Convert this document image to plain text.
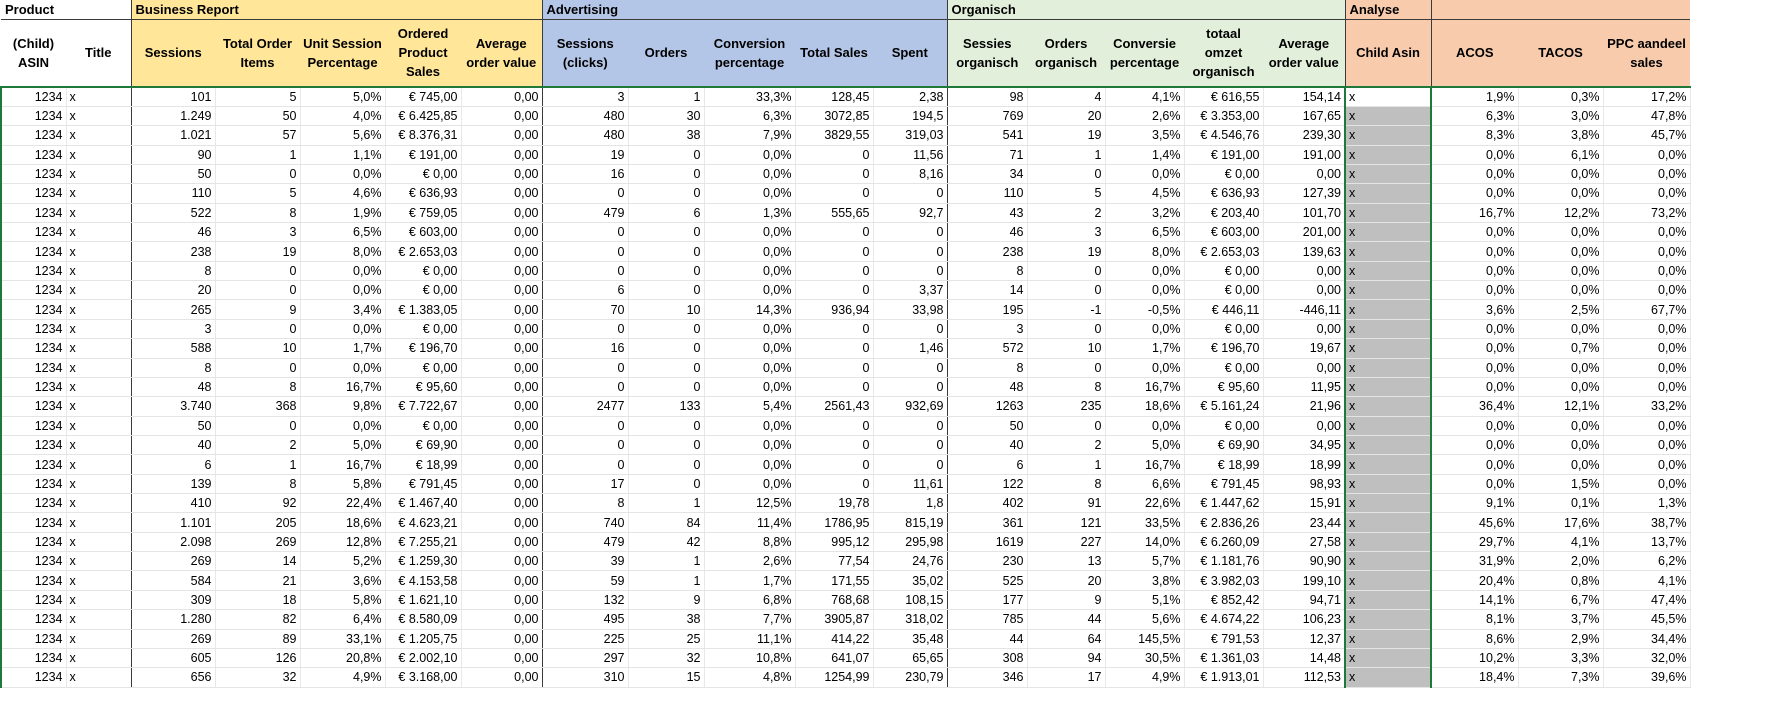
Product		Business Report					Advertising					Organisch					Analyse			
(Child) ASIN	Title	Sessions	Total Order Items	Unit Session Percentage	Ordered Product Sales	Average order value	Sessions (clicks)	Orders	Conversion percentage	Total Sales	Spent	Sessies organisch	Orders organisch	Conversie percentage	totaal omzet organisch	Average order value	Child Asin	ACOS	TACOS	PPC aandeel sales
1234	x	101	5	5,0%	€ 745,00	0,00	3	1	33,3%	128,45	2,38	98	4	4,1%	€ 616,55	154,14	x	1,9%	0,3%	17,2%
1234	x	1.249	50	4,0%	€ 6.425,85	0,00	480	30	6,3%	3072,85	194,5	769	20	2,6%	€ 3.353,00	167,65	x	6,3%	3,0%	47,8%
1234	x	1.021	57	5,6%	€ 8.376,31	0,00	480	38	7,9%	3829,55	319,03	541	19	3,5%	€ 4.546,76	239,30	x	8,3%	3,8%	45,7%
1234	x	90	1	1,1%	€ 191,00	0,00	19	0	0,0%	0	11,56	71	1	1,4%	€ 191,00	191,00	x	0,0%	6,1%	0,0%
1234	x	50	0	0,0%	€ 0,00	0,00	16	0	0,0%	0	8,16	34	0	0,0%	€ 0,00	0,00	x	0,0%	0,0%	0,0%
1234	x	110	5	4,6%	€ 636,93	0,00	0	0	0,0%	0	0	110	5	4,5%	€ 636,93	127,39	x	0,0%	0,0%	0,0%
1234	x	522	8	1,9%	€ 759,05	0,00	479	6	1,3%	555,65	92,7	43	2	3,2%	€ 203,40	101,70	x	16,7%	12,2%	73,2%
1234	x	46	3	6,5%	€ 603,00	0,00	0	0	0,0%	0	0	46	3	6,5%	€ 603,00	201,00	x	0,0%	0,0%	0,0%
1234	x	238	19	8,0%	€ 2.653,03	0,00	0	0	0,0%	0	0	238	19	8,0%	€ 2.653,03	139,63	x	0,0%	0,0%	0,0%
1234	x	8	0	0,0%	€ 0,00	0,00	0	0	0,0%	0	0	8	0	0,0%	€ 0,00	0,00	x	0,0%	0,0%	0,0%
1234	x	20	0	0,0%	€ 0,00	0,00	6	0	0,0%	0	3,37	14	0	0,0%	€ 0,00	0,00	x	0,0%	0,0%	0,0%
1234	x	265	9	3,4%	€ 1.383,05	0,00	70	10	14,3%	936,94	33,98	195	-1	-0,5%	€ 446,11	-446,11	x	3,6%	2,5%	67,7%
1234	x	3	0	0,0%	€ 0,00	0,00	0	0	0,0%	0	0	3	0	0,0%	€ 0,00	0,00	x	0,0%	0,0%	0,0%
1234	x	588	10	1,7%	€ 196,70	0,00	16	0	0,0%	0	1,46	572	10	1,7%	€ 196,70	19,67	x	0,0%	0,7%	0,0%
1234	x	8	0	0,0%	€ 0,00	0,00	0	0	0,0%	0	0	8	0	0,0%	€ 0,00	0,00	x	0,0%	0,0%	0,0%
1234	x	48	8	16,7%	€ 95,60	0,00	0	0	0,0%	0	0	48	8	16,7%	€ 95,60	11,95	x	0,0%	0,0%	0,0%
1234	x	3.740	368	9,8%	€ 7.722,67	0,00	2477	133	5,4%	2561,43	932,69	1263	235	18,6%	€ 5.161,24	21,96	x	36,4%	12,1%	33,2%
1234	x	50	0	0,0%	€ 0,00	0,00	0	0	0,0%	0	0	50	0	0,0%	€ 0,00	0,00	x	0,0%	0,0%	0,0%
1234	x	40	2	5,0%	€ 69,90	0,00	0	0	0,0%	0	0	40	2	5,0%	€ 69,90	34,95	x	0,0%	0,0%	0,0%
1234	x	6	1	16,7%	€ 18,99	0,00	0	0	0,0%	0	0	6	1	16,7%	€ 18,99	18,99	x	0,0%	0,0%	0,0%
1234	x	139	8	5,8%	€ 791,45	0,00	17	0	0,0%	0	11,61	122	8	6,6%	€ 791,45	98,93	x	0,0%	1,5%	0,0%
1234	x	410	92	22,4%	€ 1.467,40	0,00	8	1	12,5%	19,78	1,8	402	91	22,6%	€ 1.447,62	15,91	x	9,1%	0,1%	1,3%
1234	x	1.101	205	18,6%	€ 4.623,21	0,00	740	84	11,4%	1786,95	815,19	361	121	33,5%	€ 2.836,26	23,44	x	45,6%	17,6%	38,7%
1234	x	2.098	269	12,8%	€ 7.255,21	0,00	479	42	8,8%	995,12	295,98	1619	227	14,0%	€ 6.260,09	27,58	x	29,7%	4,1%	13,7%
1234	x	269	14	5,2%	€ 1.259,30	0,00	39	1	2,6%	77,54	24,76	230	13	5,7%	€ 1.181,76	90,90	x	31,9%	2,0%	6,2%
1234	x	584	21	3,6%	€ 4.153,58	0,00	59	1	1,7%	171,55	35,02	525	20	3,8%	€ 3.982,03	199,10	x	20,4%	0,8%	4,1%
1234	x	309	18	5,8%	€ 1.621,10	0,00	132	9	6,8%	768,68	108,15	177	9	5,1%	€ 852,42	94,71	x	14,1%	6,7%	47,4%
1234	x	1.280	82	6,4%	€ 8.580,09	0,00	495	38	7,7%	3905,87	318,02	785	44	5,6%	€ 4.674,22	106,23	x	8,1%	3,7%	45,5%
1234	x	269	89	33,1%	€ 1.205,75	0,00	225	25	11,1%	414,22	35,48	44	64	145,5%	€ 791,53	12,37	x	8,6%	2,9%	34,4%
1234	x	605	126	20,8%	€ 2.002,10	0,00	297	32	10,8%	641,07	65,65	308	94	30,5%	€ 1.361,03	14,48	x	10,2%	3,3%	32,0%
1234	x	656	32	4,9%	€ 3.168,00	0,00	310	15	4,8%	1254,99	230,79	346	17	4,9%	€ 1.913,01	112,53	x	18,4%	7,3%	39,6%
